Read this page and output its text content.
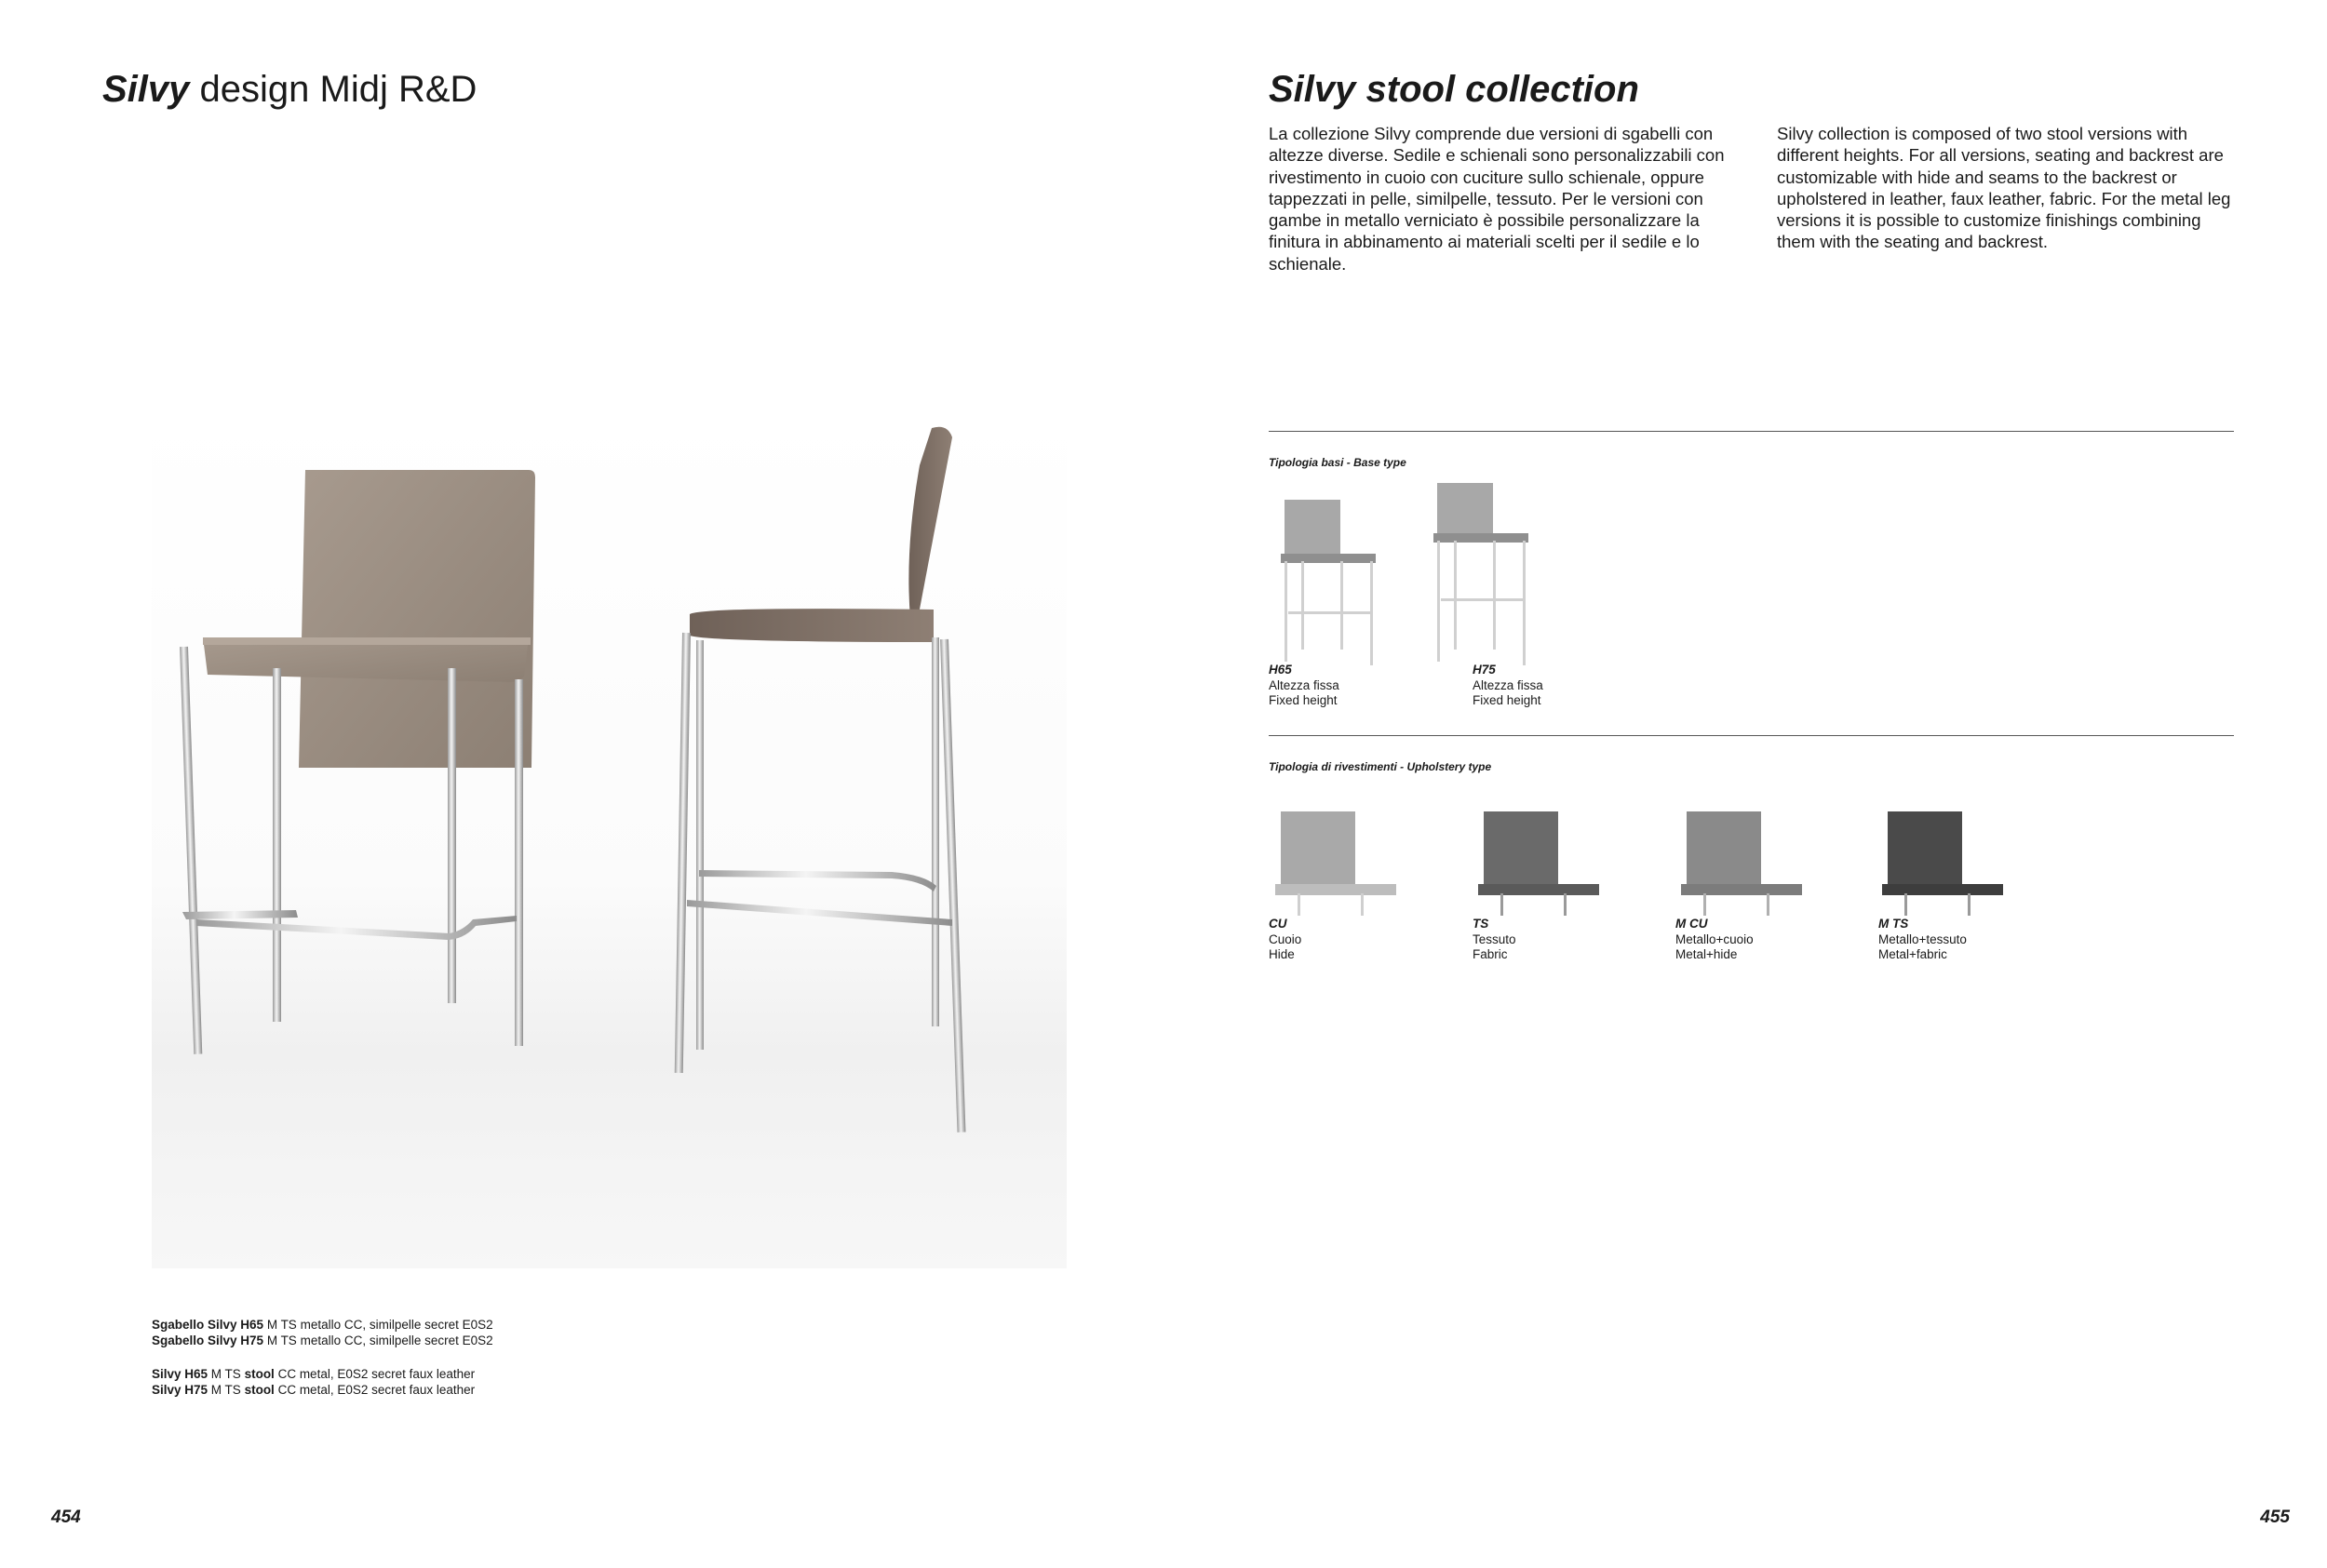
Silvy design Midj R&D
Sgabello Silvy H65 M TS metallo CC, similpelle secret E0S2
Sgabello Silvy H75 M TS metallo CC, similpelle secret E0S2
Silvy H65 M TS stool CC metal, E0S2 secret faux leather
Silvy H75 M TS stool CC metal, E0S2 secret faux leather
454
Silvy stool collection
La collezione Silvy comprende due versioni di sgabelli con altezze diverse. Sedile e schienali sono personalizzabili con rivestimento in cuoio con cuciture sullo schienale, oppure tappezzati in pelle, similpelle, tessuto. Per le versioni con gambe in metallo verniciato è possibile personalizzare la finitura in abbinamento ai materiali scelti per il sedile e lo schienale.
Silvy collection is composed of two stool versions with different heights. For all versions, seating and backrest are customizable with hide and seams to the backrest or upholstered in leather, faux leather, fabric. For the metal leg versions it is possible to customize finishings combining them with the seating and backrest.
Tipologia basi - Base type
H65
Altezza fissa
Fixed height
H75
Altezza fissa
Fixed height
Tipologia di rivestimenti - Upholstery type
CU
Cuoio
Hide
TS
Tessuto
Fabric
M CU
Metallo+cuoio
Metal+hide
M TS
Metallo+tessuto
Metal+fabric
455
